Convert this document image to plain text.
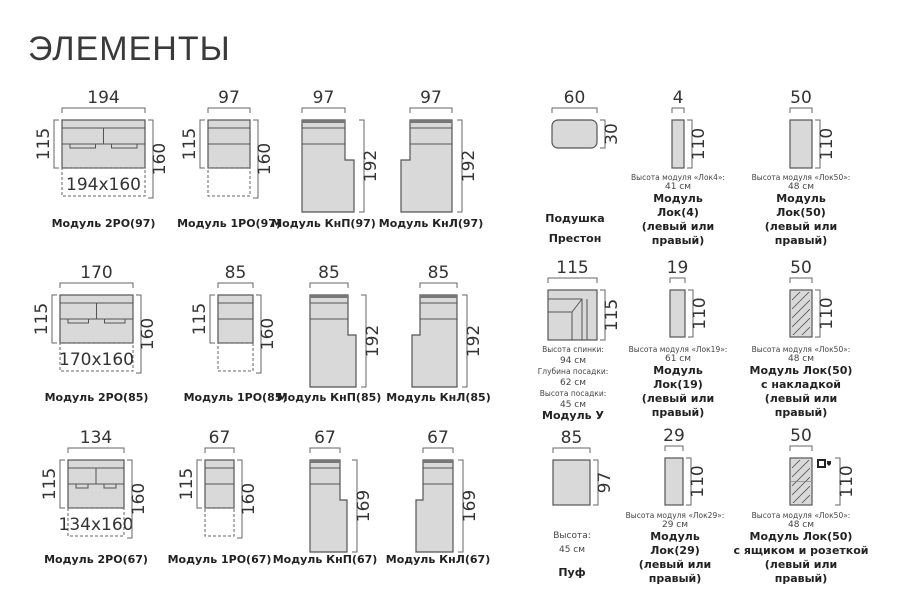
194
194x160
115	160
Модуль 2РО(97)
97
115	160
Модуль 1РО(97)
97
192
Модуль КнП(97)
97
192
Модуль КнЛ(97)
170
170x160
115	160
Модуль 2РО(85)
85
115	160
Модуль 1РО(85)
85
192
Модуль КнП(85)
85
192
Модуль КнЛ(85)
134
134x160
115	160
Модуль 2РО(67)
67
115 160
Модуль 1РО(67)
67
169
Модуль КнП(67)
67
169
Модуль КнЛ(67)
60
30
Подушка
Престон
4
110
Высота модуля «Лок4»:
41 см
Модуль
Лок(4)
(левый или
правый)
50
110
Высота модуля «Лок50»:
48 см
Модуль
Лок(50)
(левый или
правый)
115
115
Высота спинки:
94 см
Глубина посадки:
62 см
Высота посадки:
45 см
Модуль У
19
110
Высота модуля «Лок19»:
61 см
Модуль
Лок(19)
(левый или
правый)
50
110
Высота модуля «Лок50»:
48 см
Модуль Лок(50)
с накладкой
(левый или
правый)
85
97
Высота:
45 см
Пуф
29
110
Высота модуля «Лок29»:
29 см
Модуль
Лок(29)
(левый или
правый)
50
110
Высота модуля «Лок50»:
48 см
Модуль Лок(50)
с ящиком и розеткой
(левый или
правый)
ЭЛЕМЕНТЫ
